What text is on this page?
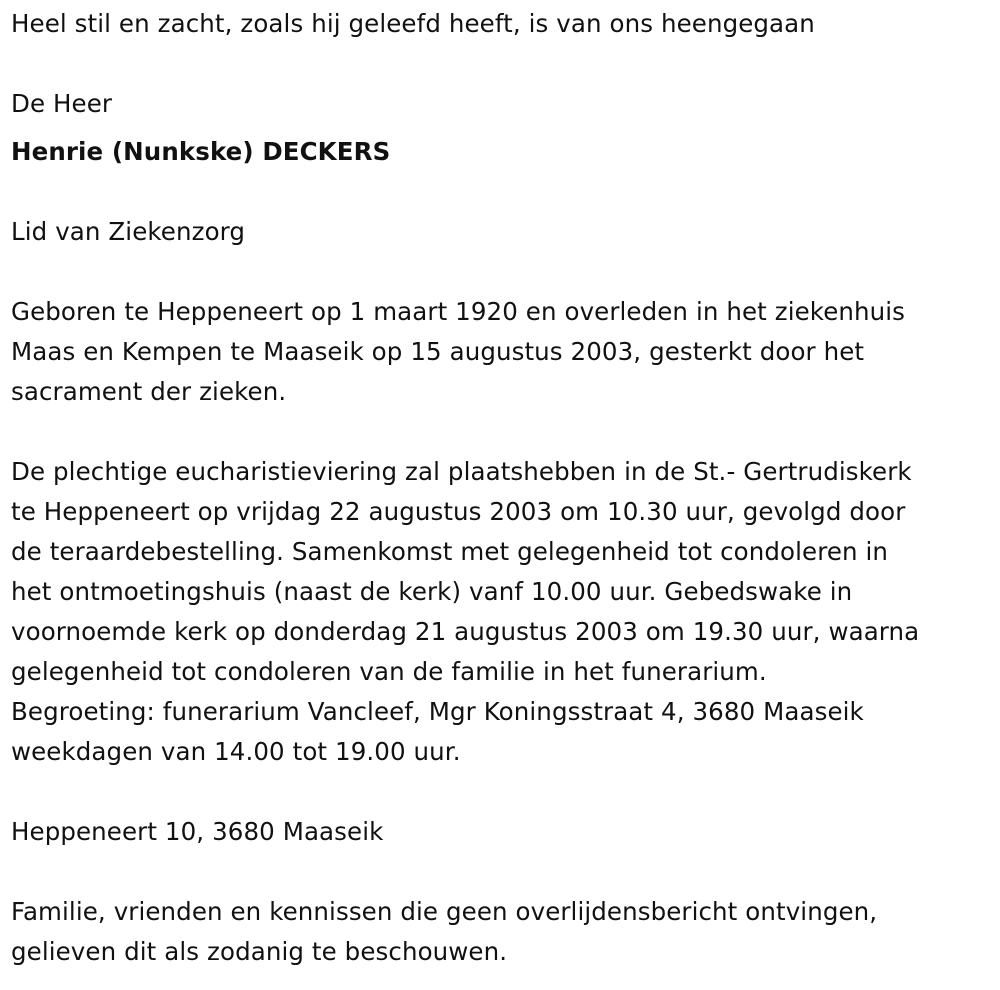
Heel stil en zacht, zoals hij geleefd heeft, is van ons heengegaan
De Heer
Henrie (Nunkske) DECKERS
Lid van Ziekenzorg
Geboren te Heppeneert op 1 maart 1920 en overleden in het ziekenhuis
Maas en Kempen te Maaseik op 15 augustus 2003, gesterkt door het
sacrament der zieken.
De plechtige eucharistieviering zal plaatshebben in de St.- Gertrudiskerk
te Heppeneert op vrijdag 22 augustus 2003 om 10.30 uur, gevolgd door
de teraardebestelling. Samenkomst met gelegenheid tot condoleren in
het ontmoetingshuis (naast de kerk) vanf 10.00 uur. Gebedswake in
voornoemde kerk op donderdag 21 augustus 2003 om 19.30 uur, waarna
gelegenheid tot condoleren van de familie in het funerarium.
Begroeting: funerarium Vancleef, Mgr Koningsstraat 4, 3680 Maaseik
weekdagen van 14.00 tot 19.00 uur.
Heppeneert 10, 3680 Maaseik
Familie, vrienden en kennissen die geen overlijdensbericht ontvingen,
gelieven dit als zodanig te beschouwen.
